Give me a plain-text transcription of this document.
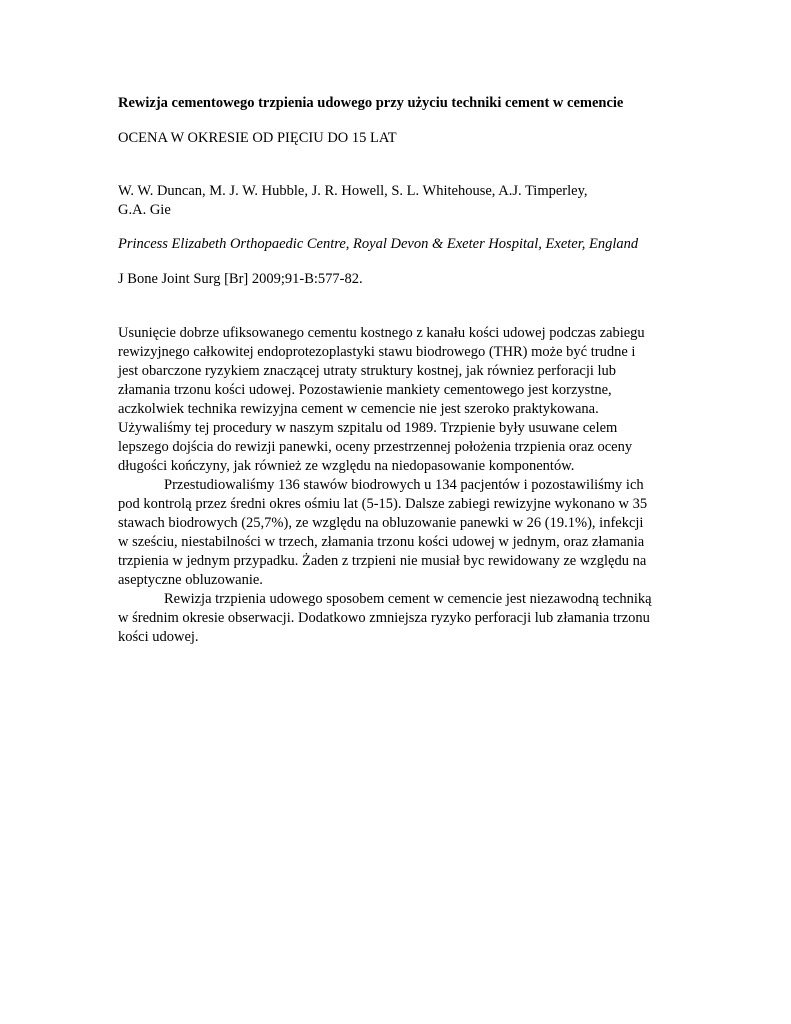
Rewizja cementowego trzpienia udowego przy użyciu techniki cement w cemencie

OCENA W OKRESIE OD PIĘCIU DO 15 LAT

W. W. Duncan, M. J. W. Hubble, J. R. Howell, S. L. Whitehouse, A.J. Timperley,
G.A. Gie

Princess Elizabeth Orthopaedic Centre, Royal Devon & Exeter Hospital, Exeter, England

J Bone Joint Surg [Br] 2009;91-B:577-82.

Usunięcie dobrze ufiksowanego cementu kostnego z kanału kości udowej podczas zabiegu
rewizyjnego całkowitej endoprotezoplastyki stawu biodrowego (THR) może być trudne i
jest obarczone ryzykiem znaczącej utraty struktury kostnej, jak równiez perforacji lub
złamania trzonu kości udowej. Pozostawienie mankiety cementowego jest korzystne,
aczkolwiek technika rewizyjna cement w cemencie nie jest szeroko praktykowana.
Używaliśmy tej procedury w naszym szpitalu od 1989. Trzpienie były usuwane celem
lepszego dojścia do rewizji panewki, oceny przestrzennej położenia trzpienia oraz oceny
długości kończyny, jak również ze względu na niedopasowanie komponentów.
Przestudiowaliśmy 136 stawów biodrowych u 134 pacjentów i pozostawiliśmy ich
pod kontrolą przez średni okres ośmiu lat (5-15). Dalsze zabiegi rewizyjne wykonano w 35
stawach biodrowych (25,7%), ze względu na obluzowanie panewki w 26 (19.1%), infekcji
w sześciu, niestabilności w trzech, złamania trzonu kości udowej w jednym, oraz złamania
trzpienia w jednym przypadku. Żaden z trzpieni nie musiał byc rewidowany ze względu na
aseptyczne obluzowanie.
Rewizja trzpienia udowego sposobem cement w cemencie jest niezawodną techniką
w średnim okresie obserwacji. Dodatkowo zmniejsza ryzyko perforacji lub złamania trzonu
kości udowej.
